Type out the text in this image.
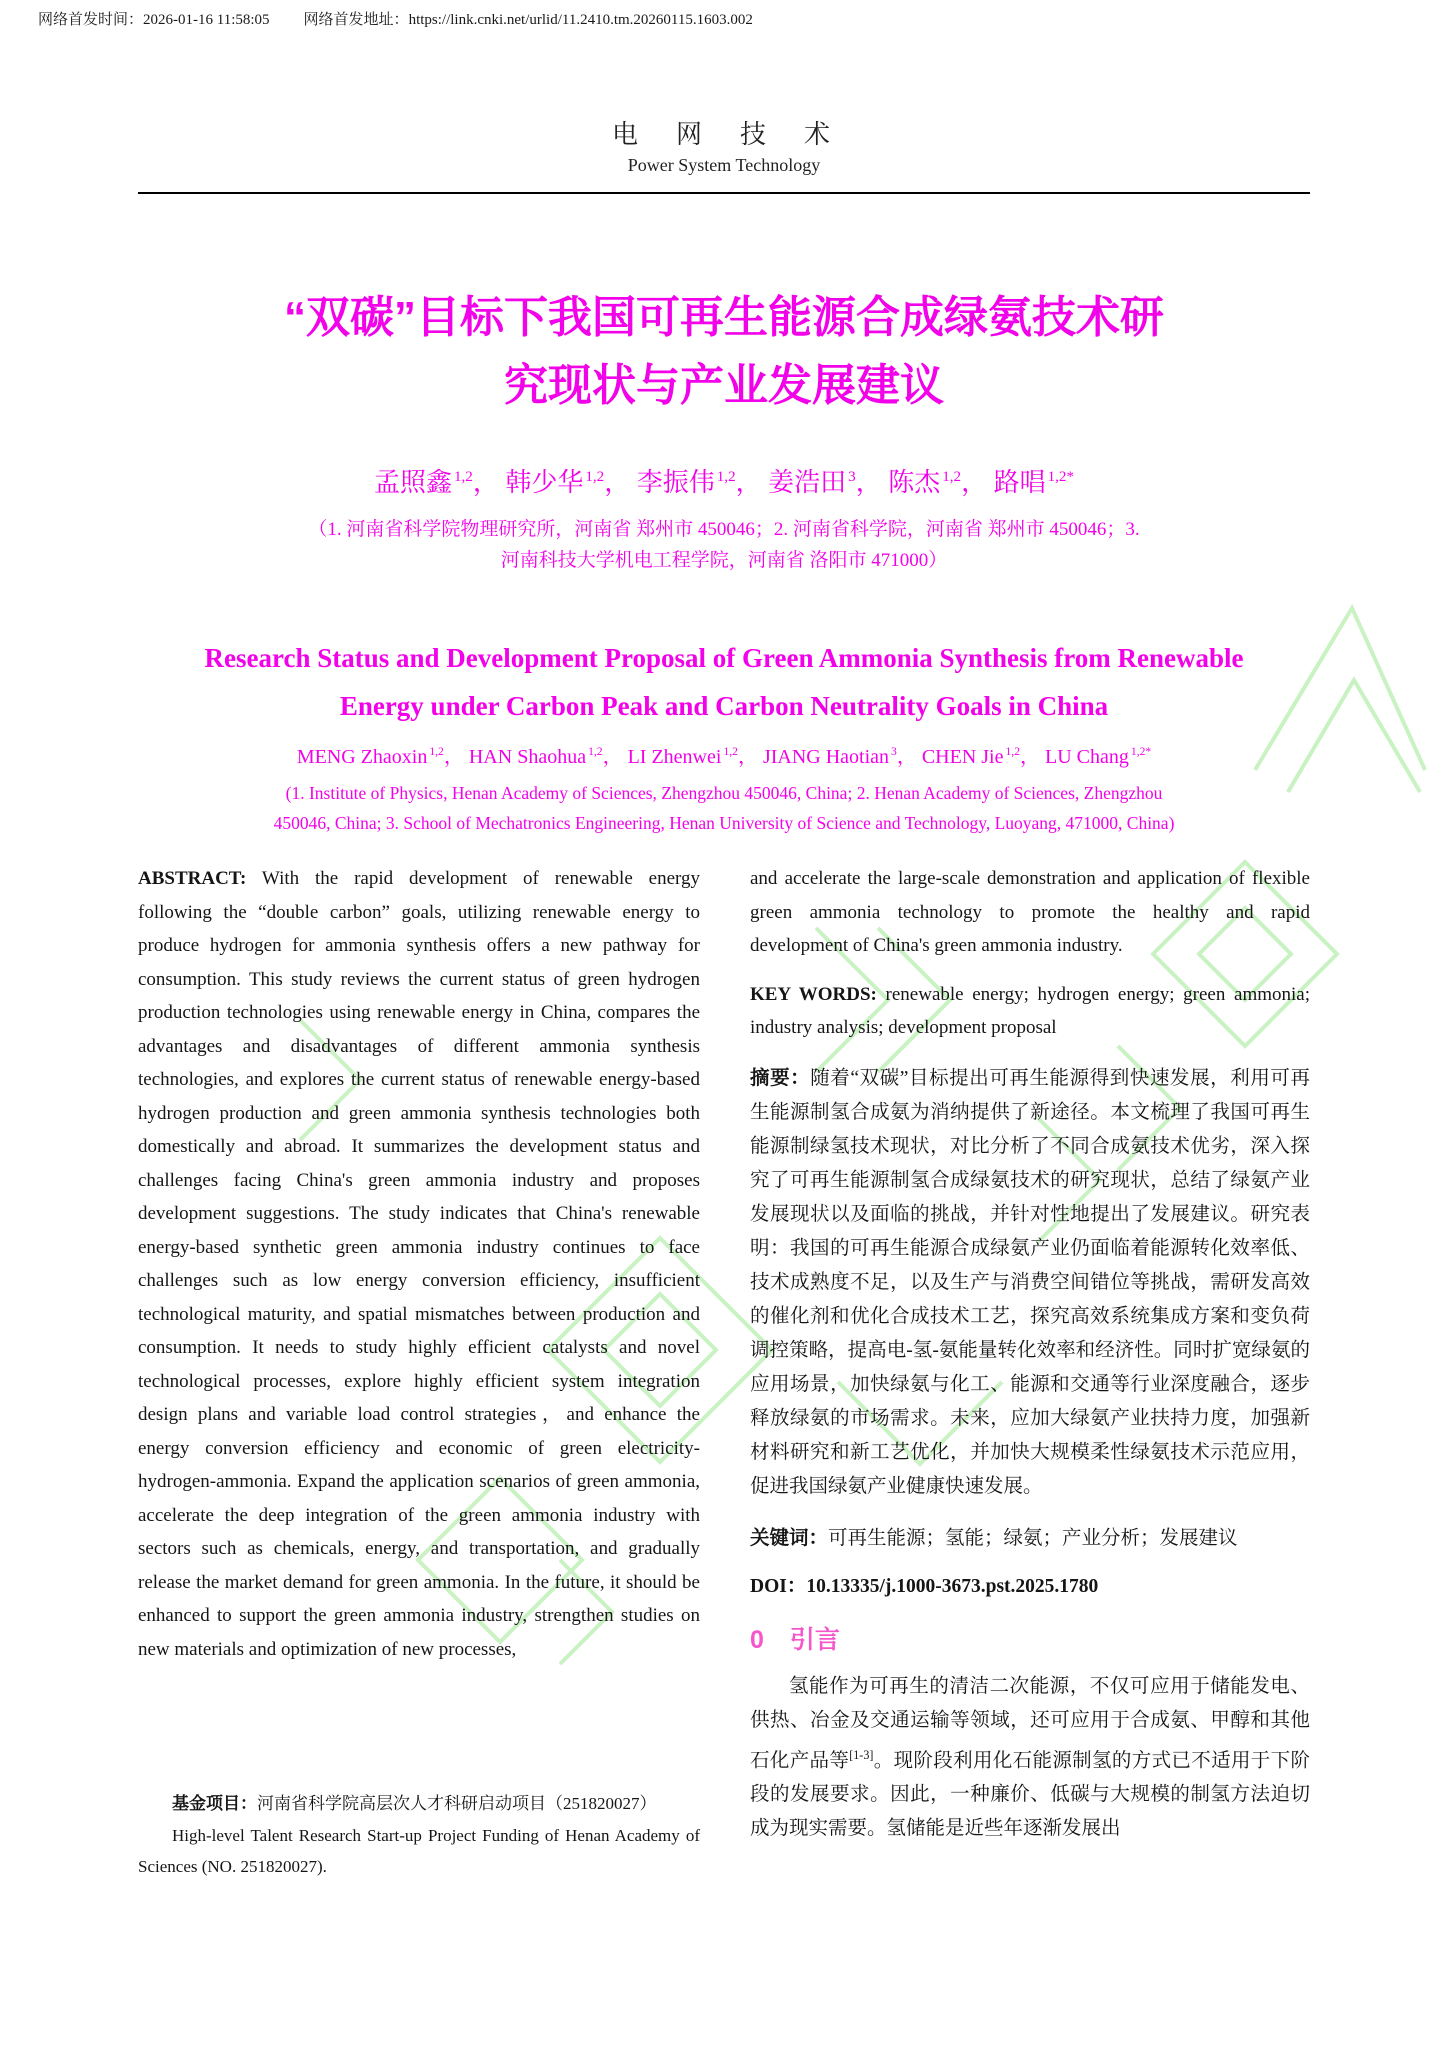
网络首发时间：2026-01-16 11:58:05 网络首发地址：https://link.cnki.net/urlid/11.2410.tm.20260115.1603.002
电　网　技　术
Power System Technology
“双碳”目标下我国可再生能源合成绿氨技术研
究现状与产业发展建议
孟照鑫 $^{1,2}$， 韩少华 $^{1,2}$， 李振伟 $^{1,2}$， 姜浩田 $^3$， 陈杰 $^{1,2}$， 路唱 $^{1,2*}$
（1. 河南省科学院物理研究所，河南省 郑州市 450046；2. 河南省科学院，河南省 郑州市 450046；3.
河南科技大学机电工程学院，河南省 洛阳市 471000）
Research Status and Development Proposal of Green Ammonia Synthesis from Renewable
Energy under Carbon Peak and Carbon Neutrality Goals in China
MENG Zhaoxin $^{1,2}$， HAN Shaohua $^{1,2}$， LI Zhenwei $^{1,2}$， JIANG Haotian $^3$， CHEN Jie $^{1,2}$， LU Chang $^{1,2*}$
(1. Institute of Physics, Henan Academy of Sciences, Zhengzhou 450046, China; 2. Henan Academy of Sciences, Zhengzhou
450046, China; 3. School of Mechatronics Engineering, Henan University of Science and Technology, Luoyang, 471000, China)

ABSTRACT: With the rapid development of renewable energy following the “double carbon” goals, utilizing renewable energy to produce hydrogen for ammonia synthesis offers a new pathway for consumption. This study reviews the current status of green hydrogen production technologies using renewable energy in China, compares the advantages and disadvantages of different ammonia synthesis technologies, and explores the current status of renewable energy-based hydrogen production and green ammonia synthesis technologies both domestically and abroad. It summarizes the development status and challenges facing China's green ammonia industry and proposes development suggestions. The study indicates that China's renewable energy-based synthetic green ammonia industry continues to face challenges such as low energy conversion efficiency, insufficient technological maturity, and spatial mismatches between production and consumption. It needs to study highly efficient catalysts and novel technological processes, explore highly efficient system integration design plans and variable load control strategies，and enhance the energy conversion efficiency and economic of green electricity-hydrogen-ammonia. Expand the application scenarios of green ammonia, accelerate the deep integration of the green ammonia industry with sectors such as chemicals, energy, and transportation, and gradually release the market demand for green ammonia. In the future, it should be enhanced to support the green ammonia industry, strengthen studies on new materials and optimization of new processes,

and accelerate the large-scale demonstration and application of flexible green ammonia technology to promote the healthy and rapid development of China's green ammonia industry.

KEY WORDS: renewable energy; hydrogen energy; green ammonia; industry analysis; development proposal

摘要：随着“双碳”目标提出可再生能源得到快速发展，利用可再生能源制氢合成氨为消纳提供了新途径。本文梳理了我国可再生能源制绿氢技术现状，对比分析了不同合成氨技术优劣，深入探究了可再生能源制氢合成绿氨技术的研究现状，总结了绿氨产业发展现状以及面临的挑战，并针对性地提出了发展建议。研究表明：我国的可再生能源合成绿氨产业仍面临着能源转化效率低、技术成熟度不足，以及生产与消费空间错位等挑战，需研发高效的催化剂和优化合成技术工艺，探究高效系统集成方案和变负荷调控策略，提高电-氢-氨能量转化效率和经济性。同时扩宽绿氨的应用场景，加快绿氨与化工、能源和交通等行业深度融合，逐步释放绿氨的市场需求。未来，应加大绿氨产业扶持力度，加强新材料研究和新工艺优化，并加快大规模柔性绿氨技术示范应用，促进我国绿氨产业健康快速发展。

关键词：可再生能源；氢能；绿氨；产业分析；发展建议

DOI：10.13335/j.1000-3673.pst.2025.1780

0 引言

氢能作为可再生的清洁二次能源，不仅可应用于储能发电、供热、冶金及交通运输等领域，还可应用于合成氨、甲醇和其他石化产品等[1-3]。现阶段利用化石能源制氢的方式已不适用于下阶段的发展要求。因此，一种廉价、低碳与大规模的制氢方法迫切成为现实需要。氢储能是近些年逐渐发展出

基金项目：河南省科学院高层次人才科研启动项目（251820027）

High-level Talent Research Start-up Project Funding of Henan Academy of Sciences (NO. 251820027).
